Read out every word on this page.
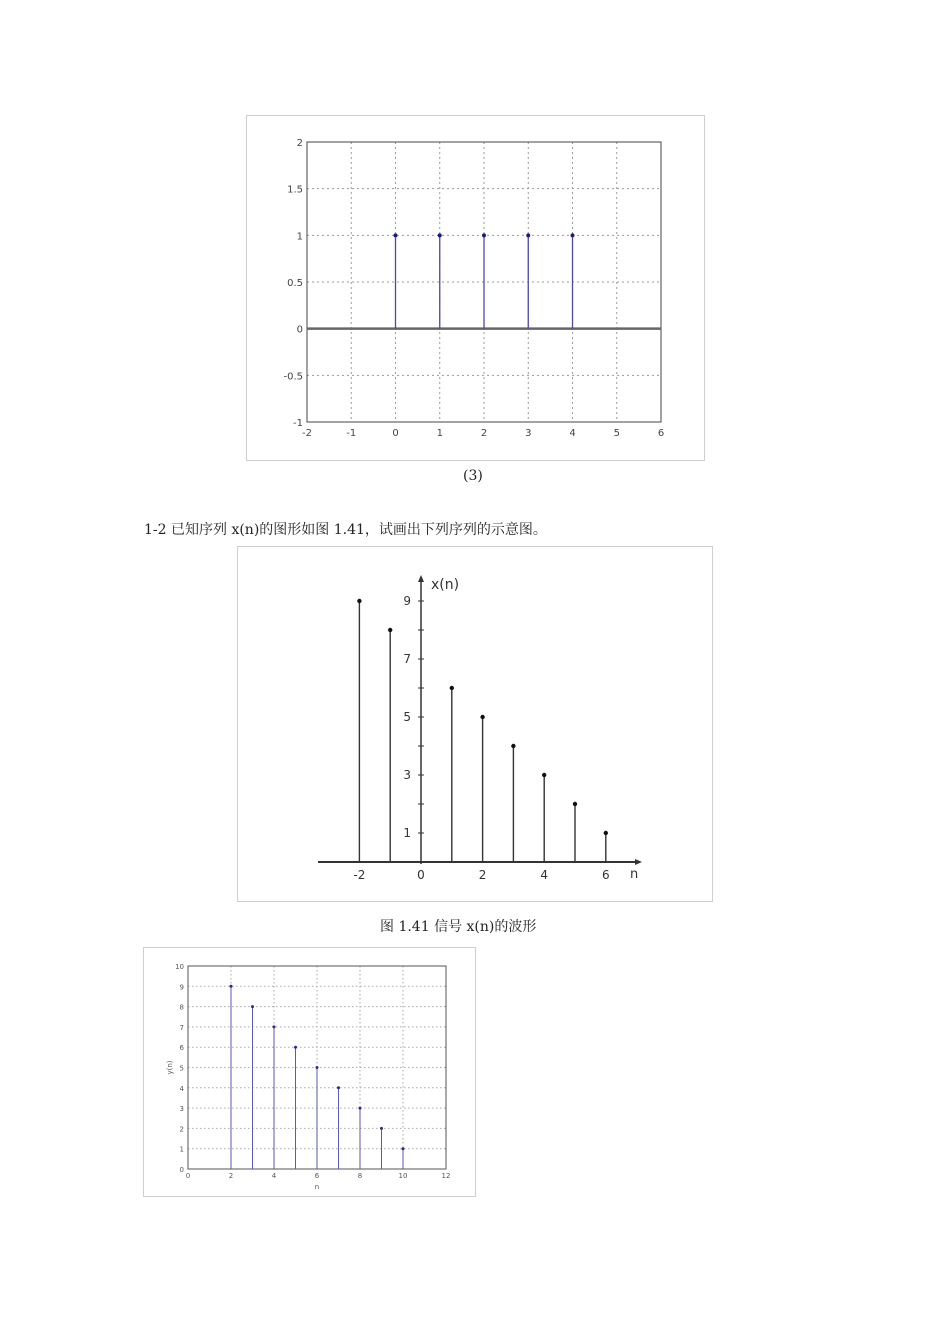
-2	-1	0	1	2	3	4	5	6
2
1.5
1
0.5
0
-0.5
-1
(3)
1-2 已知序列 x(n)的图形如图 1.41，试画出下列序列的示意图。
-2	0	2	4	6
9
7
5
3
1
x(n)
n
图 1.41 信号 x(n)的波形
0	2	4	6	8	10	12
10
9
8
7
6
5
4
3
2
1
0
n
y(n)
